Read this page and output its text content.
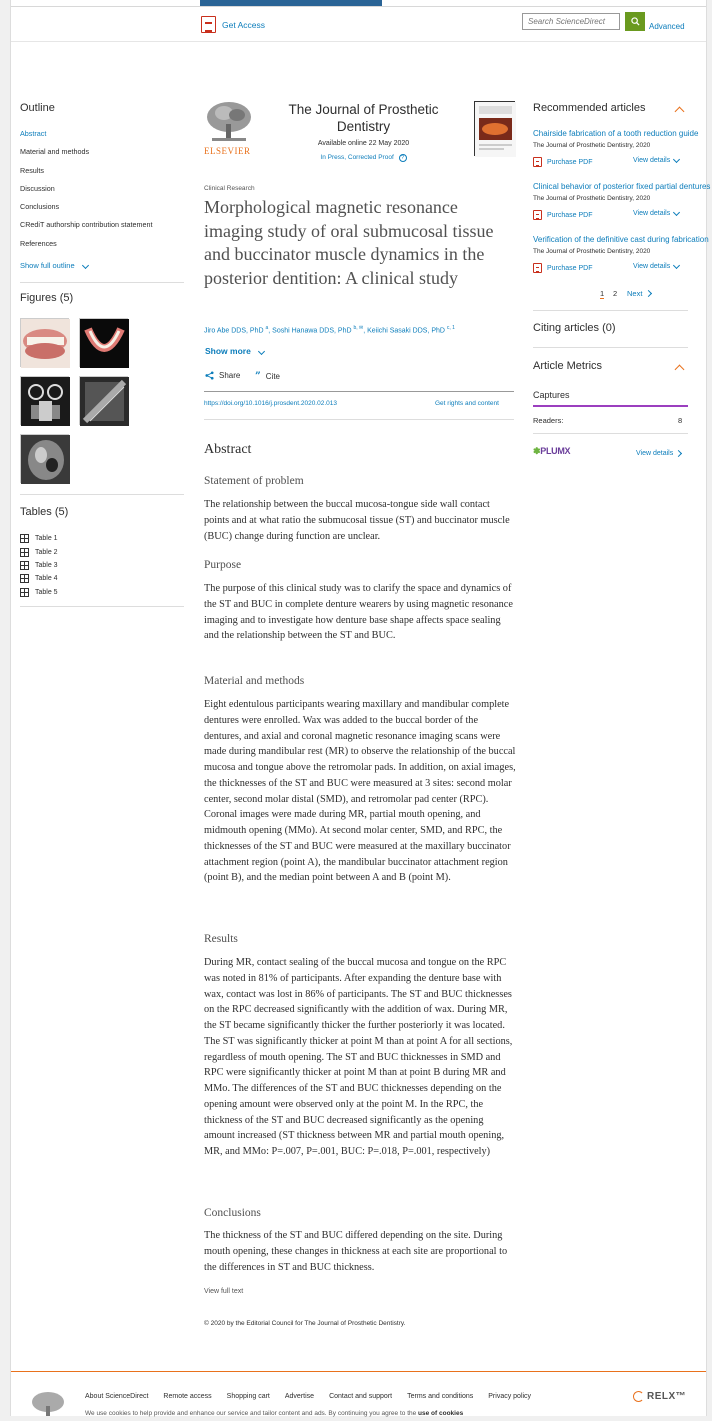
Get Access
Search ScienceDirect	Advanced
Outline
Abstract
Material and methods
Results
Discussion
Conclusions
CRediT authorship contribution statement
References
Show full outline
Figures (5)
Tables (5)
Table 1
Table 2
Table 3
Table 4
Table 5
ELSEVIER
The Journal of Prosthetic Dentistry
Available online 22 May 2020
In Press, Corrected Proof ?
Clinical Research
Morphological magnetic resonance imaging study of oral submucosal tissue and buccinator muscle dynamics in the posterior dentition: A clinical study
Jiro Abe DDS, PhD $^a$, Soshi Hanawa DDS, PhD $^{b, ✉}$, Keiichi Sasaki DDS, PhD $^{c, 1}$
Show more
Share ” Cite
https://doi.org/10.1016/j.prosdent.2020.02.013	Get rights and content
Abstract
Statement of problem

The relationship between the buccal mucosa-tongue side wall contact points and at what ratio the submucosal tissue (ST) and buccinator muscle (BUC) change during function are unclear.

Purpose

The purpose of this clinical study was to clarify the space and dynamics of the ST and BUC in complete denture wearers by using magnetic resonance imaging and to investigate how denture base shape affects space sealing and the relationship between the ST and BUC.

Material and methods

Eight edentulous participants wearing maxillary and mandibular complete dentures were enrolled. Wax was added to the buccal border of the dentures, and axial and coronal magnetic resonance imaging scans were made during mandibular rest (MR) to observe the relationship of the buccal mucosa and tongue above the retromolar pads. In addition, on axial images, the thicknesses of the ST and BUC were measured at 3 sites: second molar center, second molar distal (SMD), and retromolar pad center (RPC). Coronal images were made during MR, partial mouth opening, and midmouth opening (MMo). At second molar center, SMD, and RPC, the thicknesses of the ST and BUC were measured at the maxillary buccinator attachment region (point A), the mandibular buccinator attachment region (point B), and the median point between A and B (point M).

Results

During MR, contact sealing of the buccal mucosa and tongue on the RPC was noted in 81% of participants. After expanding the denture base with wax, contact was lost in 86% of participants. The ST and BUC thicknesses on the RPC decreased significantly with the addition of wax. During MR, the ST became significantly thicker the further posteriorly it was located. The ST was significantly thicker at point M than at point A for all sections, regardless of mouth opening. The ST and BUC thicknesses in SMD and RPC were significantly thicker at point M than at point B during MR and MMo. The differences of the ST and BUC thicknesses depending on the opening amount were observed only at the point M. In the RPC, the thickness of the ST and BUC decreased significantly as the opening amount increased (ST thickness between MR and partial mouth opening, MR, and MMo: P=.007, P=.001, BUC: P=.018, P=.001, respectively)

Conclusions

The thickness of the ST and BUC differed depending on the site. During mouth opening, these changes in thickness at each site are proportional to the differences in ST and BUC thickness.

View full text
© 2020 by the Editorial Council for The Journal of Prosthetic Dentistry.
Recommended articles
Chairside fabrication of a tooth reduction guide
The Journal of Prosthetic Dentistry, 2020
Purchase PDF	View details
Clinical behavior of posterior fixed partial dentures
The Journal of Prosthetic Dentistry, 2020
Purchase PDF	View details
Verification of the definitive cast during fabrication
The Journal of Prosthetic Dentistry, 2020
Purchase PDF	View details
1 2 Next
Citing articles (0)
Article Metrics
Captures
Readers:	8
✽PLUMX	View details
About ScienceDirect Remote access Shopping cart Advertise Contact and support Terms and conditions Privacy policy
We use cookies to help provide and enhance our service and tailor content and ads. By continuing you agree to the use of cookies
RELX™
